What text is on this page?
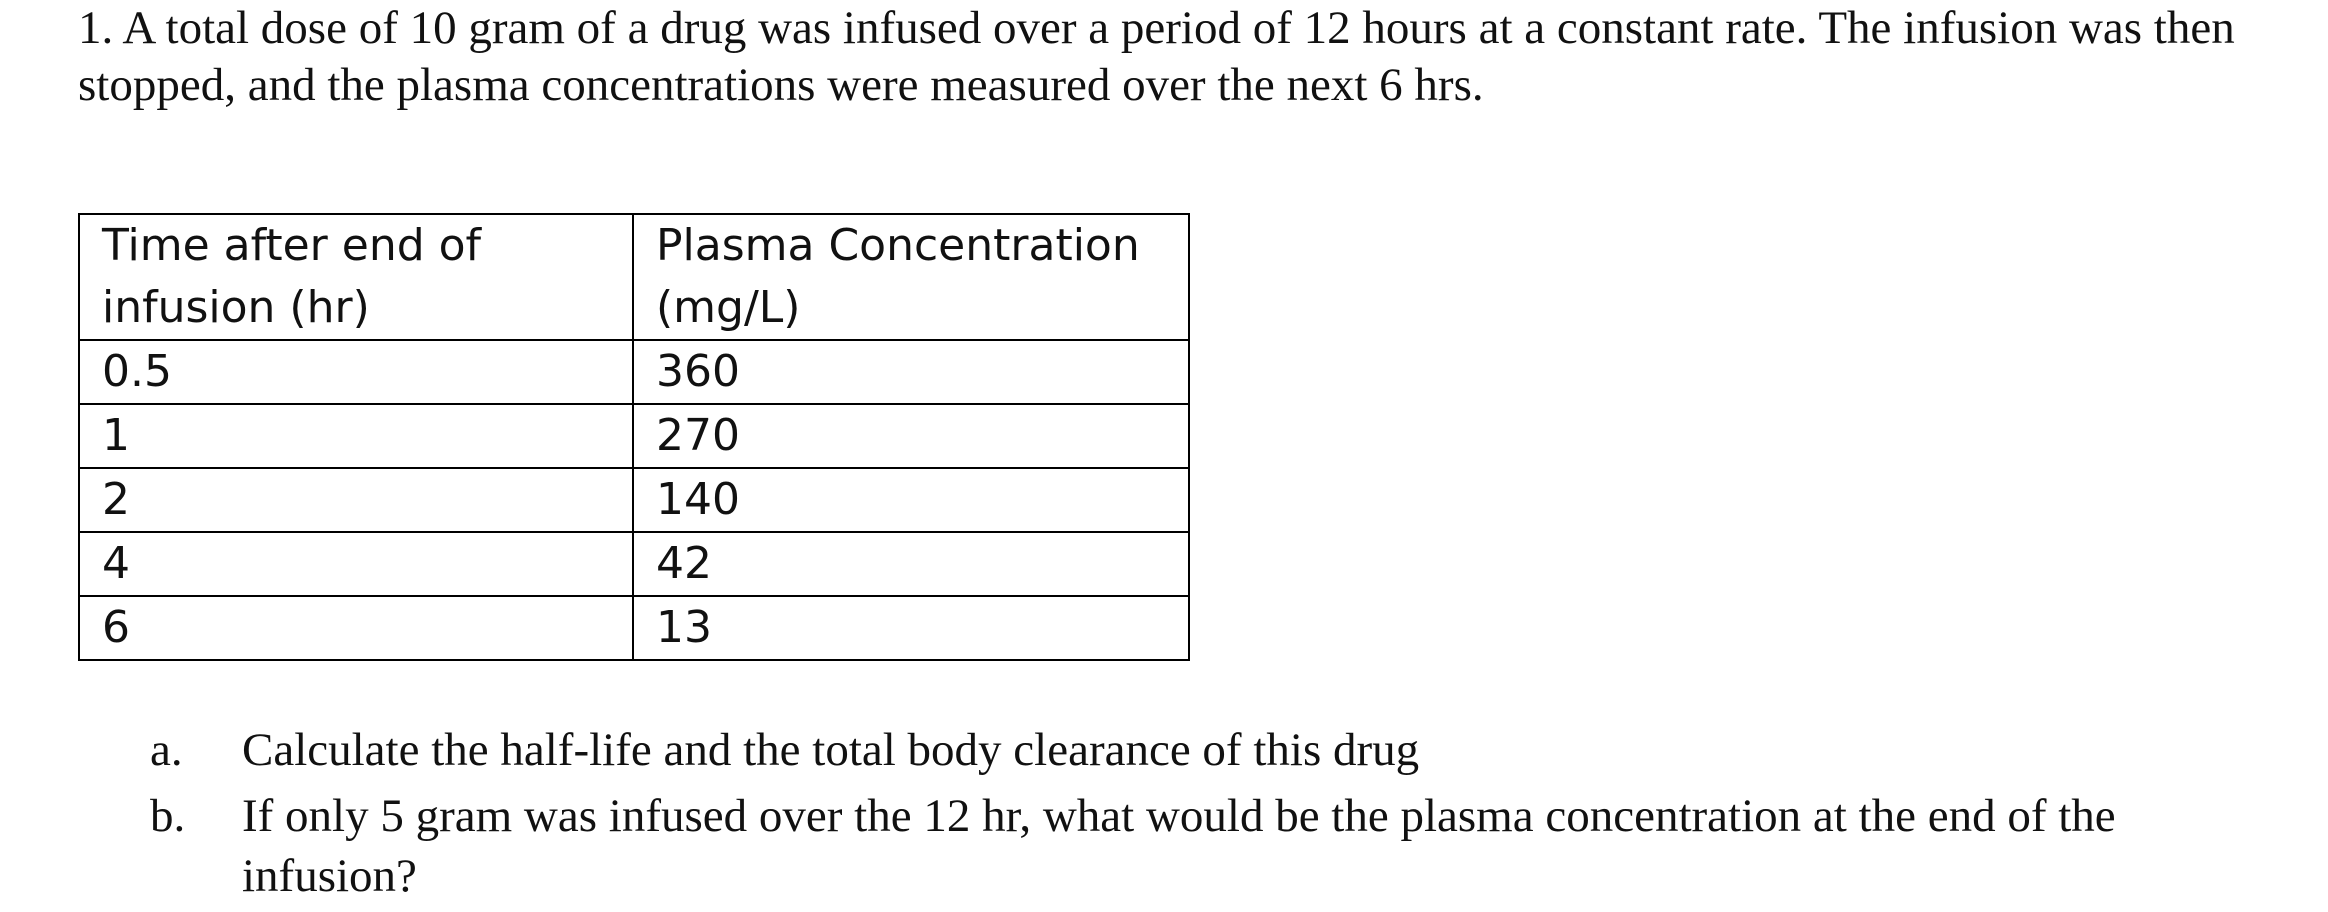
1. A total dose of 10 gram of a drug was infused over a period of 12 hours at a constant rate. The infusion was then stopped, and the plasma concentrations were measured over the next 6 hrs.

Time after end of infusion (hr)	Plasma Concentration (mg/L)
0.5	360
1	270
2	140
4	42
6	13
a.	Calculate the half-life and the total body clearance of this drug
b.	If only 5 gram was infused over the 12 hr, what would be the plasma concentration at the end of the infusion?
